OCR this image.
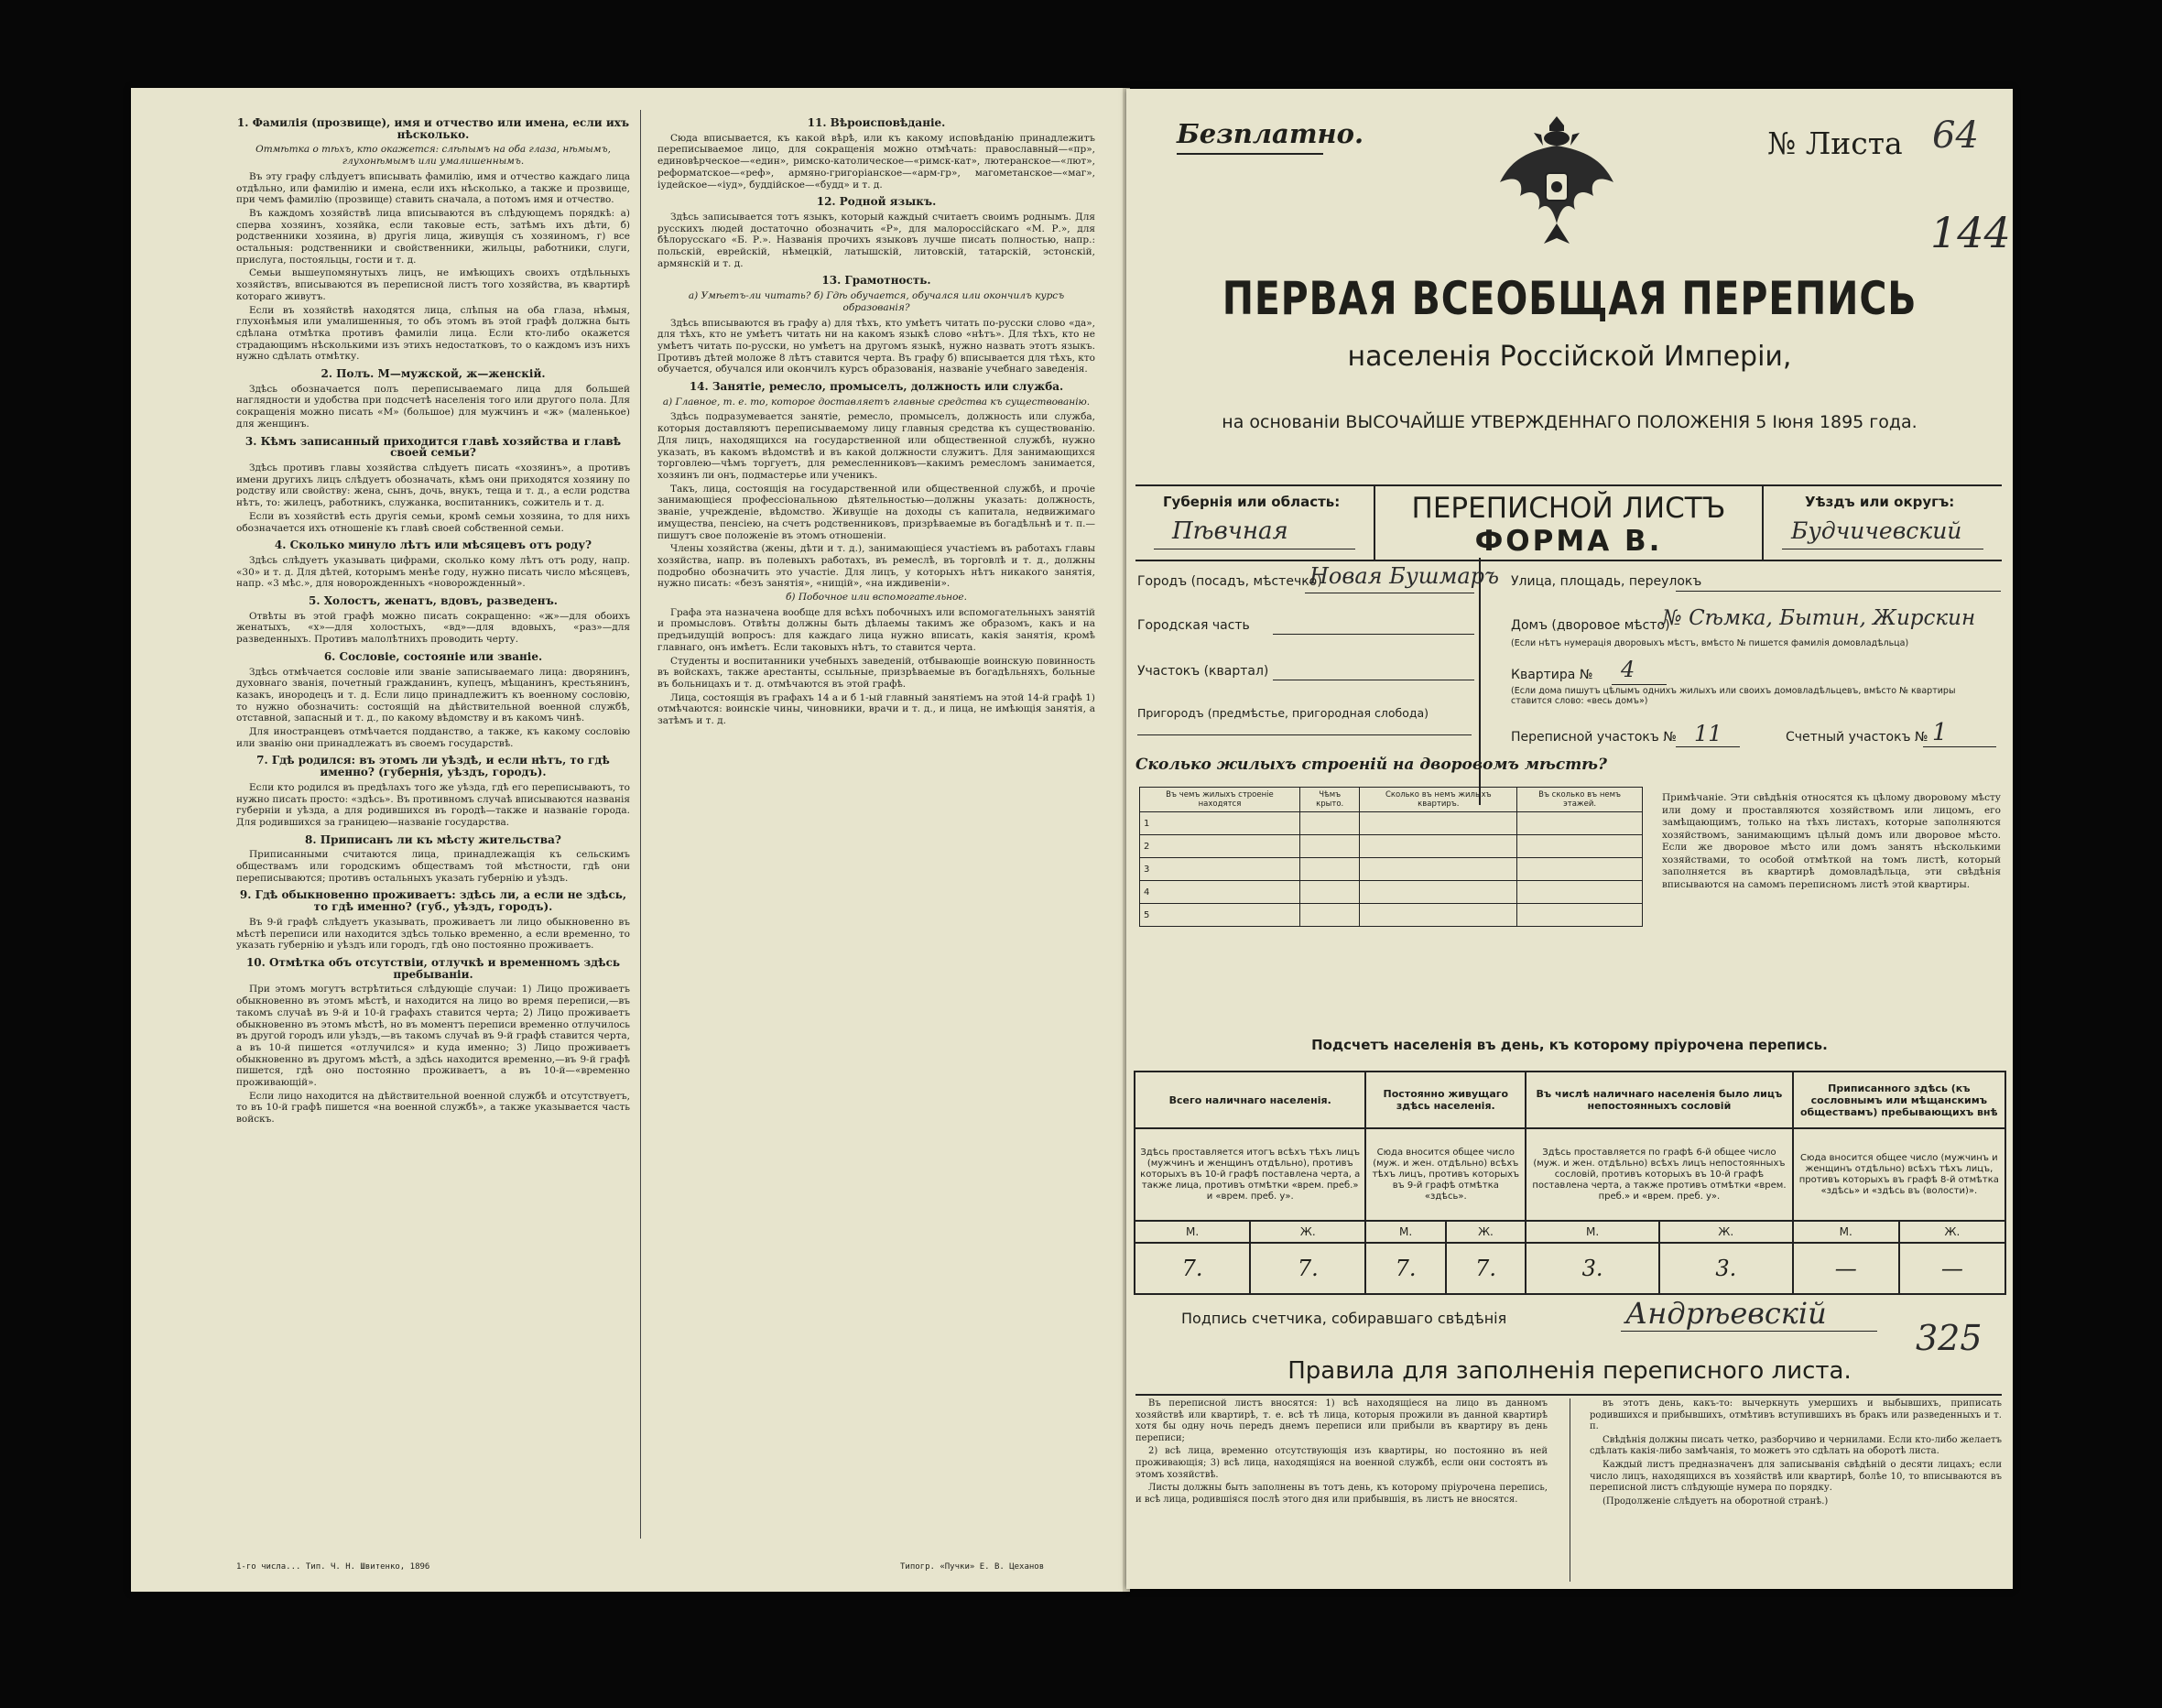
1. Фамилія (прозвище), имя и отчество или имена, если ихъ нѣсколько.
Отмѣтка о тѣхъ, кто окажется: слѣпымъ на оба глаза, нѣмымъ, глухонѣмымъ или умалишеннымъ.

Въ эту графу слѣдуетъ вписывать фамилію, имя и отчество каждаго лица отдѣльно, или фамилію и имена, если ихъ нѣсколько, а также и прозвище, при чемъ фамилію (прозвище) ставить сначала, а потомъ имя и отчество.

Въ каждомъ хозяйствѣ лица вписываются въ слѣдующемъ порядкѣ: а) сперва хозяинъ, хозяйка, если таковые есть, затѣмъ ихъ дѣти, б) родственники хозяина, в) другія лица, живущія съ хозяиномъ, г) все остальныя: родственники и свойственники, жильцы, работники, слуги, прислуга, постояльцы, гости и т. д.

Семьи вышеупомянутыхъ лицъ, не имѣющихъ своихъ отдѣльныхъ хозяйствъ, вписываются въ переписной листъ того хозяйства, въ квартирѣ котораго живутъ.

Если въ хозяйствѣ находятся лица, слѣпыя на оба глаза, нѣмыя, глухонѣмыя или умалишенныя, то объ этомъ въ этой графѣ должна быть сдѣлана отмѣтка противъ фамиліи лица. Если кто-либо окажется страдающимъ нѣсколькими изъ этихъ недостатковъ, то о каждомъ изъ нихъ нужно сдѣлать отмѣтку.

2. Полъ. М—мужской, ж—женскій.

Здѣсь обозначается полъ переписываемаго лица для большей наглядности и удобства при подсчетѣ населенія того или другого пола. Для сокращенія можно писать «М» (большое) для мужчинъ и «ж» (маленькое) для женщинъ.

3. Кѣмъ записанный приходится главѣ хозяйства и главѣ своей семьи?

Здѣсь противъ главы хозяйства слѣдуетъ писать «хозяинъ», а противъ имени другихъ лицъ слѣдуетъ обозначать, кѣмъ они приходятся хозяину по родству или свойству: жена, сынъ, дочь, внукъ, теща и т. д., а если родства нѣтъ, то: жилецъ, работникъ, служанка, воспитанникъ, сожитель и т. д.

Если въ хозяйствѣ есть другія семьи, кромѣ семьи хозяина, то для нихъ обозначается ихъ отношеніе къ главѣ своей собственной семьи.

4. Сколько минуло лѣтъ или мѣсяцевъ отъ роду?

Здѣсь слѣдуетъ указывать цифрами, сколько кому лѣтъ отъ роду, напр. «30» и т. д. Для дѣтей, которымъ менѣе году, нужно писать число мѣсяцевъ, напр. «3 мѣс.», для новорожденныхъ «новорожденный».

5. Холостъ, женатъ, вдовъ, разведенъ.

Отвѣты въ этой графѣ можно писать сокращенно: «ж»—для обоихъ женатыхъ, «х»—для холостыхъ, «вд»—для вдовыхъ, «раз»—для разведенныхъ. Противъ малолѣтнихъ проводить черту.

6. Сословіе, состояніе или званіе.

Здѣсь отмѣчается сословіе или званіе записываемаго лица: дворянинъ, духовнаго званія, почетный гражданинъ, купецъ, мѣщанинъ, крестьянинъ, казакъ, инородецъ и т. д. Если лицо принадлежитъ къ военному сословію, то нужно обозначить: состоящій на дѣйствительной военной службѣ, отставной, запасный и т. д., по какому вѣдомству и въ какомъ чинѣ.

Для иностранцевъ отмѣчается подданство, а также, къ какому сословію или званію они принадлежатъ въ своемъ государствѣ.

7. Гдѣ родился: въ этомъ ли уѣздѣ, и если нѣтъ, то гдѣ именно? (губернія, уѣздъ, городъ).

Если кто родился въ предѣлахъ того же уѣзда, гдѣ его переписываютъ, то нужно писать просто: «здѣсь». Въ противномъ случаѣ вписываются названія губерніи и уѣзда, а для родившихся въ городѣ—также и названіе города. Для родившихся за границею—названіе государства.

8. Приписанъ ли къ мѣсту жительства?

Приписанными считаются лица, принадлежащія къ сельскимъ обществамъ или городскимъ обществамъ той мѣстности, гдѣ они переписываются; противъ остальныхъ указать губернію и уѣздъ.

9. Гдѣ обыкновенно проживаетъ: здѣсь ли, а если не здѣсь, то гдѣ именно? (губ., уѣздъ, городъ).

Въ 9-й графѣ слѣдуетъ указывать, проживаетъ ли лицо обыкновенно въ мѣстѣ переписи или находится здѣсь только временно, а если временно, то указать губернію и уѣздъ или городъ, гдѣ оно постоянно проживаетъ.

10. Отмѣтка объ отсутствіи, отлучкѣ и временномъ здѣсь пребываніи.

При этомъ могутъ встрѣтиться слѣдующіе случаи: 1) Лицо проживаетъ обыкновенно въ этомъ мѣстѣ, и находится на лицо во время переписи,—въ такомъ случаѣ въ 9-й и 10-й графахъ ставится черта; 2) Лицо проживаетъ обыкновенно въ этомъ мѣстѣ, но въ моментъ переписи временно отлучилось въ другой городъ или уѣздъ,—въ такомъ случаѣ въ 9-й графѣ ставится черта, а въ 10-й пишется «отлучился» и куда именно; 3) Лицо проживаетъ обыкновенно въ другомъ мѣстѣ, а здѣсь находится временно,—въ 9-й графѣ пишется, гдѣ оно постоянно проживаетъ, а въ 10-й—«временно проживающій».

Если лицо находится на дѣйствительной военной службѣ и отсутствуетъ, то въ 10-й графѣ пишется «на военной службѣ», а также указывается часть войскъ.

11. Вѣроисповѣданіе.

Сюда вписывается, къ какой вѣрѣ, или къ какому исповѣданію принадлежитъ переписываемое лицо, для сокращенія можно отмѣчать: православный—«пр», единовѣрческое—«един», римско-католическое—«римск-кат», лютеранское—«лют», реформатское—«реф», армяно-григоріанское—«арм-гр», магометанское—«маг», іудейское—«іуд», буддійское—«будд» и т. д.

12. Родной языкъ.

Здѣсь записывается тотъ языкъ, который каждый считаетъ своимъ роднымъ. Для русскихъ людей достаточно обозначить «Р», для малороссійскаго «М. Р.», для бѣлорусскаго «Б. Р.». Названія прочихъ языковъ лучше писать полностью, напр.: польскій, еврейскій, нѣмецкій, латышскій, литовскій, татарскій, эстонскій, армянскій и т. д.

13. Грамотность.
а) Умѣетъ-ли читать? б) Гдѣ обучается, обучался или окончилъ курсъ образованія?

Здѣсь вписываются въ графу а) для тѣхъ, кто умѣетъ читать по-русски слово «да», для тѣхъ, кто не умѣетъ читать ни на какомъ языкѣ слово «нѣтъ». Для тѣхъ, кто не умѣетъ читать по-русски, но умѣетъ на другомъ языкѣ, нужно назвать этотъ языкъ. Противъ дѣтей моложе 8 лѣтъ ставится черта. Въ графу б) вписывается для тѣхъ, кто обучается, обучался или окончилъ курсъ образованія, названіе учебнаго заведенія.

14. Занятіе, ремесло, промыселъ, должность или служба.
а) Главное, т. е. то, которое доставляетъ главные средства къ существованію.

Здѣсь подразумевается занятіе, ремесло, промыселъ, должность или служба, которыя доставляютъ переписываемому лицу главныя средства къ существованію. Для лицъ, находящихся на государственной или общественной службѣ, нужно указать, въ какомъ вѣдомствѣ и въ какой должности служитъ. Для занимающихся торговлею—чѣмъ торгуетъ, для ремесленниковъ—какимъ ремесломъ занимается, хозяинъ ли онъ, подмастерье или ученикъ.

Такъ, лица, состоящія на государственной или общественной службѣ, и прочіе занимающіеся профессіональною дѣятельностью—должны указать: должность, званіе, учрежденіе, вѣдомство. Живущіе на доходы съ капитала, недвижимаго имущества, пенсіею, на счетъ родственниковъ, призрѣваемые въ богадѣльнѣ и т. п.—пишутъ свое положеніе въ этомъ отношеніи.

Члены хозяйства (жены, дѣти и т. д.), занимающіеся участіемъ въ работахъ главы хозяйства, напр. въ полевыхъ работахъ, въ ремеслѣ, въ торговлѣ и т. д., должны подробно обозначить это участіе. Для лицъ, у которыхъ нѣтъ никакого занятія, нужно писать: «безъ занятія», «нищій», «на иждивеніи».

б) Побочное или вспомогательное.

Графа эта назначена вообще для всѣхъ побочныхъ или вспомогательныхъ занятій и промысловъ. Отвѣты должны быть дѣлаемы такимъ же образомъ, какъ и на предъидущій вопросъ: для каждаго лица нужно вписать, какія занятія, кромѣ главнаго, онъ имѣетъ. Если таковыхъ нѣтъ, то ставится черта.

Студенты и воспитанники учебныхъ заведеній, отбывающіе воинскую повинность въ войскахъ, также арестанты, ссыльные, призрѣваемые въ богадѣльняхъ, больные въ больницахъ и т. д. отмѣчаются въ этой графѣ.

Лица, состоящія въ графахъ 14 а и б 1-ый главный занятіемъ на этой 14-й графѣ 1) отмѣчаются: воинскіе чины, чиновники, врачи и т. д., и лица, не имѣющія занятія, а затѣмъ и т. д.

1-го числа... Тип. Ч. Н. Швитенко, 1896	Типогр. «Пучки» Е. В. Цеханов
Безплатно.	№ Листа 64
144
ПЕРВАЯ ВСЕОБЩАЯ ПЕРЕПИСЬ
населенія Россійской Имперіи,
на основаніи ВЫСОЧАЙШЕ УТВЕРЖДЕННАГО ПОЛОЖЕНІЯ 5 Іюня 1895 года.
Губернія или область:
Пѣвчная
ПЕРЕПИСНОЙ ЛИСТЪ
ФОРМА В.
Уѣздъ или округъ:
Будчичевский
Городъ (посадъ, мѣстечко)
Новая Бушмаръ
Городская часть
Участокъ (квартал)
Пригородъ (предмѣстье, пригородная слобода)
Улица, площадь, переулокъ
Домъ (дворовое мѣсто)
№ Сѣмка, Бытин, Жирскин
(Если нѣтъ нумерація дворовыхъ мѣстъ, вмѣсто № пишется фамилія домовладѣльца)
Квартира № 4
(Если дома пишутъ цѣлымъ однихъ жилыхъ или своихъ домовладѣльцевъ, вмѣсто № квартиры ставится слово: «весь домъ»)
Переписной участокъ № 11	Счетный участокъ № 1
Сколько жилыхъ строеній на дворовомъ мѣстѣ?
Въ чемъ жилыхъ строеніе находятся	Чѣмъ крыто.	Сколько въ немъ жилыхъ квартиръ.	Въ сколько въ немъ этажей.
1			
2			
3			
4			
5			
Примѣчаніе. Эти свѣдѣнія относятся къ цѣлому дворовому мѣсту или дому и проставляются хозяйствомъ или лицомъ, его замѣщающимъ, только на тѣхъ листахъ, которые заполняются хозяйствомъ, занимающимъ цѣлый домъ или дворовое мѣсто. Если же дворовое мѣсто или домъ занятъ нѣсколькими хозяйствами, то особой отмѣткой на томъ листѣ, который заполняется въ квартирѣ домовладѣльца, эти свѣдѣнія вписываются на самомъ переписномъ листѣ этой квартиры.
Подсчетъ населенія въ день, къ которому пріурочена перепись.
Всего наличнаго населенія.		Постоянно живущаго здѣсь населенія.		Въ числѣ наличнаго населенія было лицъ непостоянныхъ сословій		Приписанного здѣсь (къ сословнымъ или мѣщанскимъ обществамъ) пребывающихъ внѣ	
Здѣсь проставляется итогъ всѣхъ тѣхъ лицъ (мужчинъ и женщинъ отдѣльно), противъ которыхъ въ 10-й графѣ поставлена черта, а также лица, противъ отмѣтки «врем. преб.» и «врем. преб. у».		Сюда вносится общее число (муж. и жен. отдѣльно) всѣхъ тѣхъ лицъ, противъ которыхъ въ 9-й графѣ отмѣтка «здѣсь».		Здѣсь проставляется по графѣ 6-й общее число (муж. и жен. отдѣльно) всѣхъ лицъ непостоянныхъ сословій, противъ которыхъ въ 10-й графѣ поставлена черта, а также противъ отмѣтки «врем. преб.» и «врем. преб. у».		Сюда вносится общее число (мужчинъ и женщинъ отдѣльно) всѣхъ тѣхъ лицъ, противъ которыхъ въ графѣ 8-й отмѣтка «здѣсь» и «здѣсь въ (волости)».	
М.	Ж.	М.	Ж.	М.	Ж.	М.	Ж.
7.	7.	7.	7.	3.	3.	—	—
Подпись счетчика, собиравшаго свѣдѣнія	Андрѣевскій
325
Правила для заполненія переписного листа.

Въ переписной листъ вносятся: 1) всѣ находящіеся на лицо въ данномъ хозяйствѣ или квартирѣ, т. е. всѣ тѣ лица, которыя прожили въ данной квартирѣ хотя бы одну ночь передъ днемъ переписи или прибыли въ квартиру въ день переписи;

2) всѣ лица, временно отсутствующія изъ квартиры, но постоянно въ ней проживающія; 3) всѣ лица, находящіяся на военной службѣ, если они состоятъ въ этомъ хозяйствѣ.

Листы должны быть заполнены въ тотъ день, къ которому пріурочена перепись, и всѣ лица, родившіяся послѣ этого дня или прибывшія, въ листъ не вносятся.

въ этотъ день, какъ-то: вычеркнуть умершихъ и выбывшихъ, приписать родившихся и прибывшихъ, отмѣтивъ вступившихъ въ бракъ или разведенныхъ и т. п.

Свѣдѣнія должны писать четко, разборчиво и чернилами. Если кто-либо желаетъ сдѣлать какія-либо замѣчанія, то можетъ это сдѣлать на оборотѣ листа.

Каждый листъ предназначенъ для записыванія свѣдѣній о десяти лицахъ; если число лицъ, находящихся въ хозяйствѣ или квартирѣ, болѣе 10, то вписываются въ переписной листъ слѣдующіе нумера по порядку.

(Продолженіе слѣдуетъ на оборотной странѣ.)
